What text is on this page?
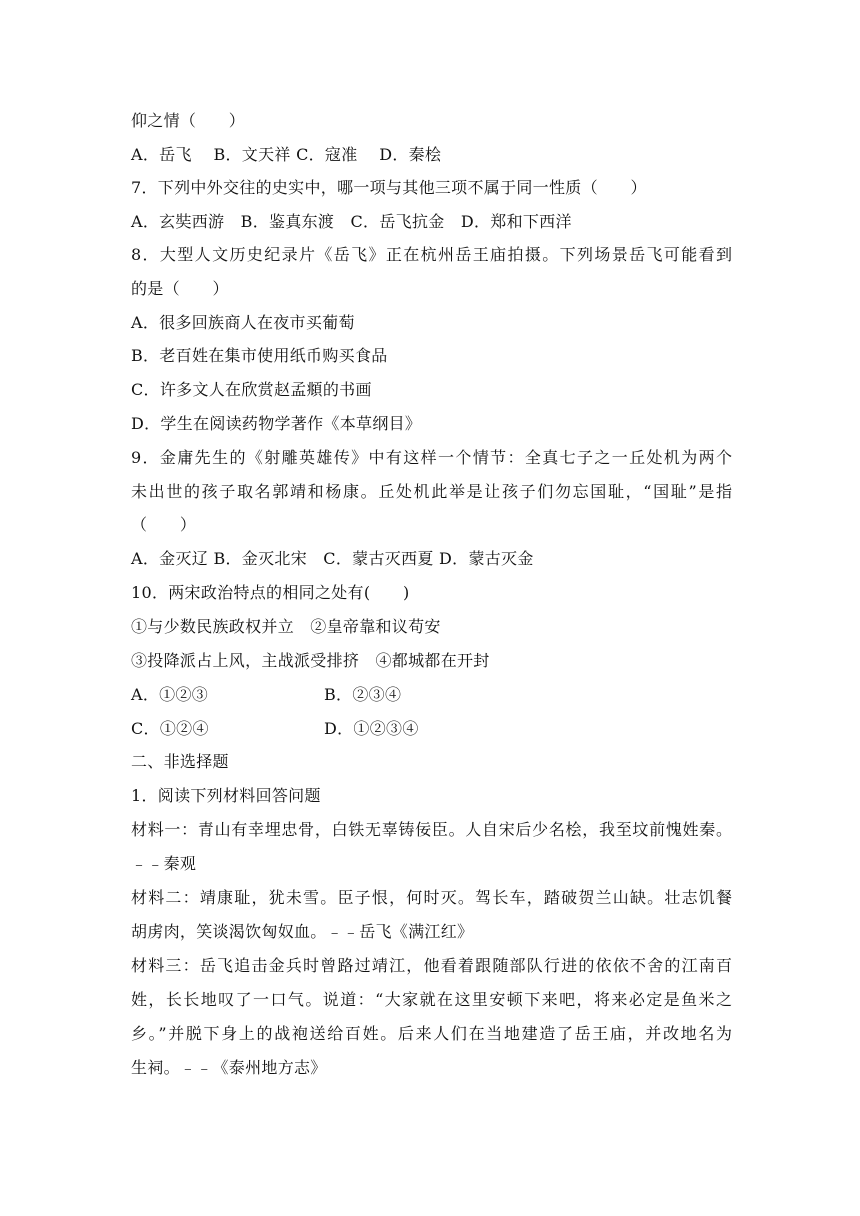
仰之情（　　）
A．岳飞　 B．文天祥 C．寇准　 D．秦桧
7．下列中外交往的史实中，哪一项与其他三项不属于同一性质（　　）
A．玄奘西游　B．鉴真东渡　C．岳飞抗金　D．郑和下西洋
8．大型人文历史纪录片《岳飞》正在杭州岳王庙拍摄。下列场景岳飞可能看到
的是（　　）
A．很多回族商人在夜市买葡萄
B．老百姓在集市使用纸币购买食品
C．许多文人在欣赏赵孟頫的书画
D．学生在阅读药物学著作《本草纲目》
9．金庸先生的《射雕英雄传》中有这样一个情节：全真七子之一丘处机为两个
未出世的孩子取名郭靖和杨康。丘处机此举是让孩子们勿忘国耻，“国耻”是指
（　　）
A．金灭辽 B．金灭北宋　C．蒙古灭西夏 D．蒙古灭金
10．两宋政治特点的相同之处有(　　)
①与少数民族政权并立　②皇帝靠和议苟安
③投降派占上风，主战派受排挤　④都城都在开封
A．①②③	B．②③④
C．①②④	D．①②③④
二、非选择题
1．阅读下列材料回答问题
材料一：青山有幸埋忠骨，白铁无辜铸佞臣。人自宋后少名桧，我至坟前愧姓秦。
﹣﹣秦观
材料二：靖康耻，犹未雪。臣子恨，何时灭。驾长车，踏破贺兰山缺。壮志饥餐
胡虏肉，笑谈渴饮匈奴血。﹣﹣岳飞《满江红》
材料三：岳飞追击金兵时曾路过靖江，他看着跟随部队行进的依依不舍的江南百
姓，长长地叹了一口气。说道：“大家就在这里安顿下来吧，将来必定是鱼米之
乡。”并脱下身上的战袍送给百姓。后来人们在当地建造了岳王庙，并改地名为
生祠。﹣﹣《泰州地方志》
